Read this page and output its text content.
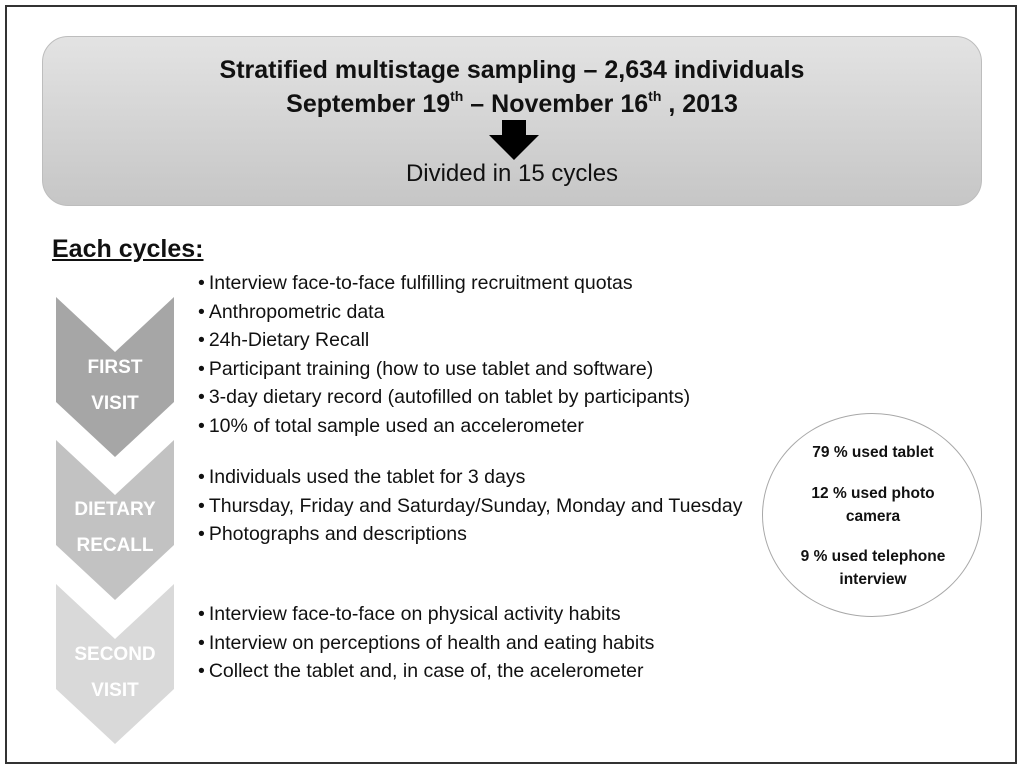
Stratified multistage sampling – 2,634 individuals
September 19th – November 16th , 2013
Divided in 15 cycles
Each cycles:
FIRST
VISIT
• Interview face-to-face fulfilling recruitment quotas
• Anthropometric data
• 24h-Dietary Recall
• Participant training (how to use tablet and software)
• 3-day dietary record (autofilled on tablet by participants)
• 10% of total sample used an accelerometer
DIETARY
RECALL
• Individuals used the tablet for 3 days
• Thursday, Friday and Saturday/Sunday, Monday and Tuesday
• Photographs and descriptions
SECOND
VISIT
• Interview face-to-face on physical activity habits
• Interview on perceptions of health and eating habits
• Collect the tablet and, in case of, the acelerometer
79 % used tablet
12 % used photo
camera
9 % used telephone
interview
